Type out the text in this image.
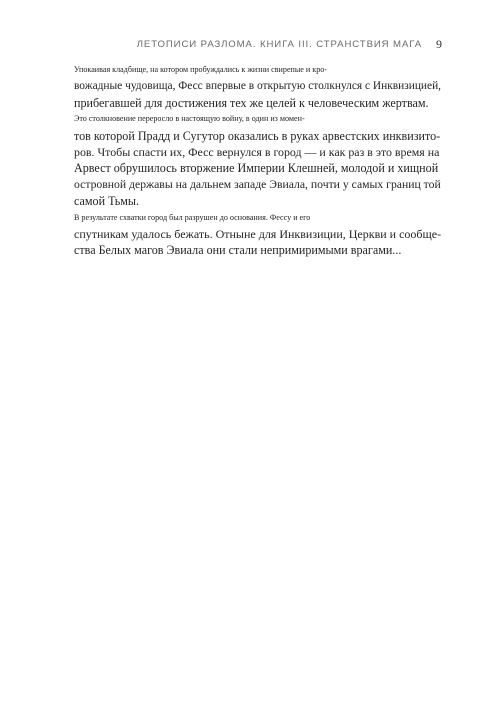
ЛЕТОПИСИ РАЗЛОМА. КНИГА III. СТРАНСТВИЯ МАГА 9

Упокаивая кладбище, на котором пробуждались к жизни свирепые и кро-
вожадные чудовища, Фесс впервые в открытую столкнулся с Инквизицией,
прибегавшей для достижения тех же целей к человеческим жертвам.

Это столкновение переросло в настоящую войну, в один из момен-
тов которой Прадд и Сугутор оказались в руках арвестских инквизито-
ров. Чтобы спасти их, Фесс вернулся в город — и как раз в это время на
Арвест обрушилось вторжение Империи Клешней, молодой и хищной
островной державы на дальнем западе Эвиала, почти у самых границ той
самой Тьмы.

В результате схватки город был разрушен до основания. Фессу и его
спутникам удалось бежать. Отныне для Инквизиции, Церкви и сообще-
ства Белых магов Эвиала они стали непримиримыми врагами...
